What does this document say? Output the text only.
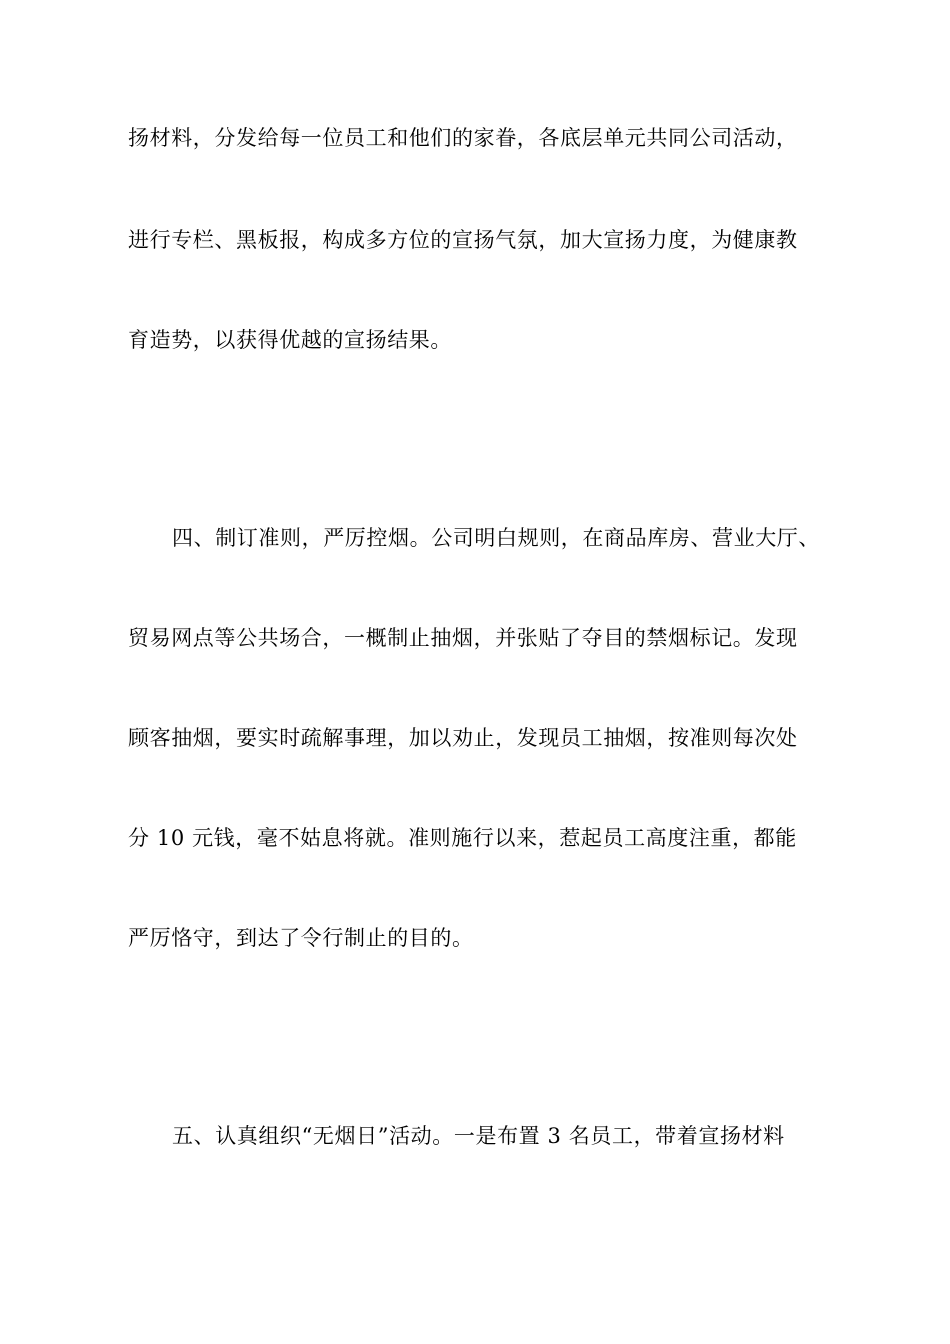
扬材料，分发给每一位员工和他们的家眷，各底层单元共同公司活动，
进行专栏、黑板报，构成多方位的宣扬气氛，加大宣扬力度，为健康教
育造势，以获得优越的宣扬结果。
四、制订准则，严厉控烟。公司明白规则，在商品库房、营业大厅、
贸易网点等公共场合，一概制止抽烟，并张贴了夺目的禁烟标记。发现
顾客抽烟，要实时疏解事理，加以劝止，发现员工抽烟，按准则每次处
分 10 元钱，毫不姑息将就。准则施行以来，惹起员工高度注重，都能
严厉恪守，到达了令行制止的目的。
五、认真组织“无烟日”活动。一是布置 3 名员工，带着宣扬材料
